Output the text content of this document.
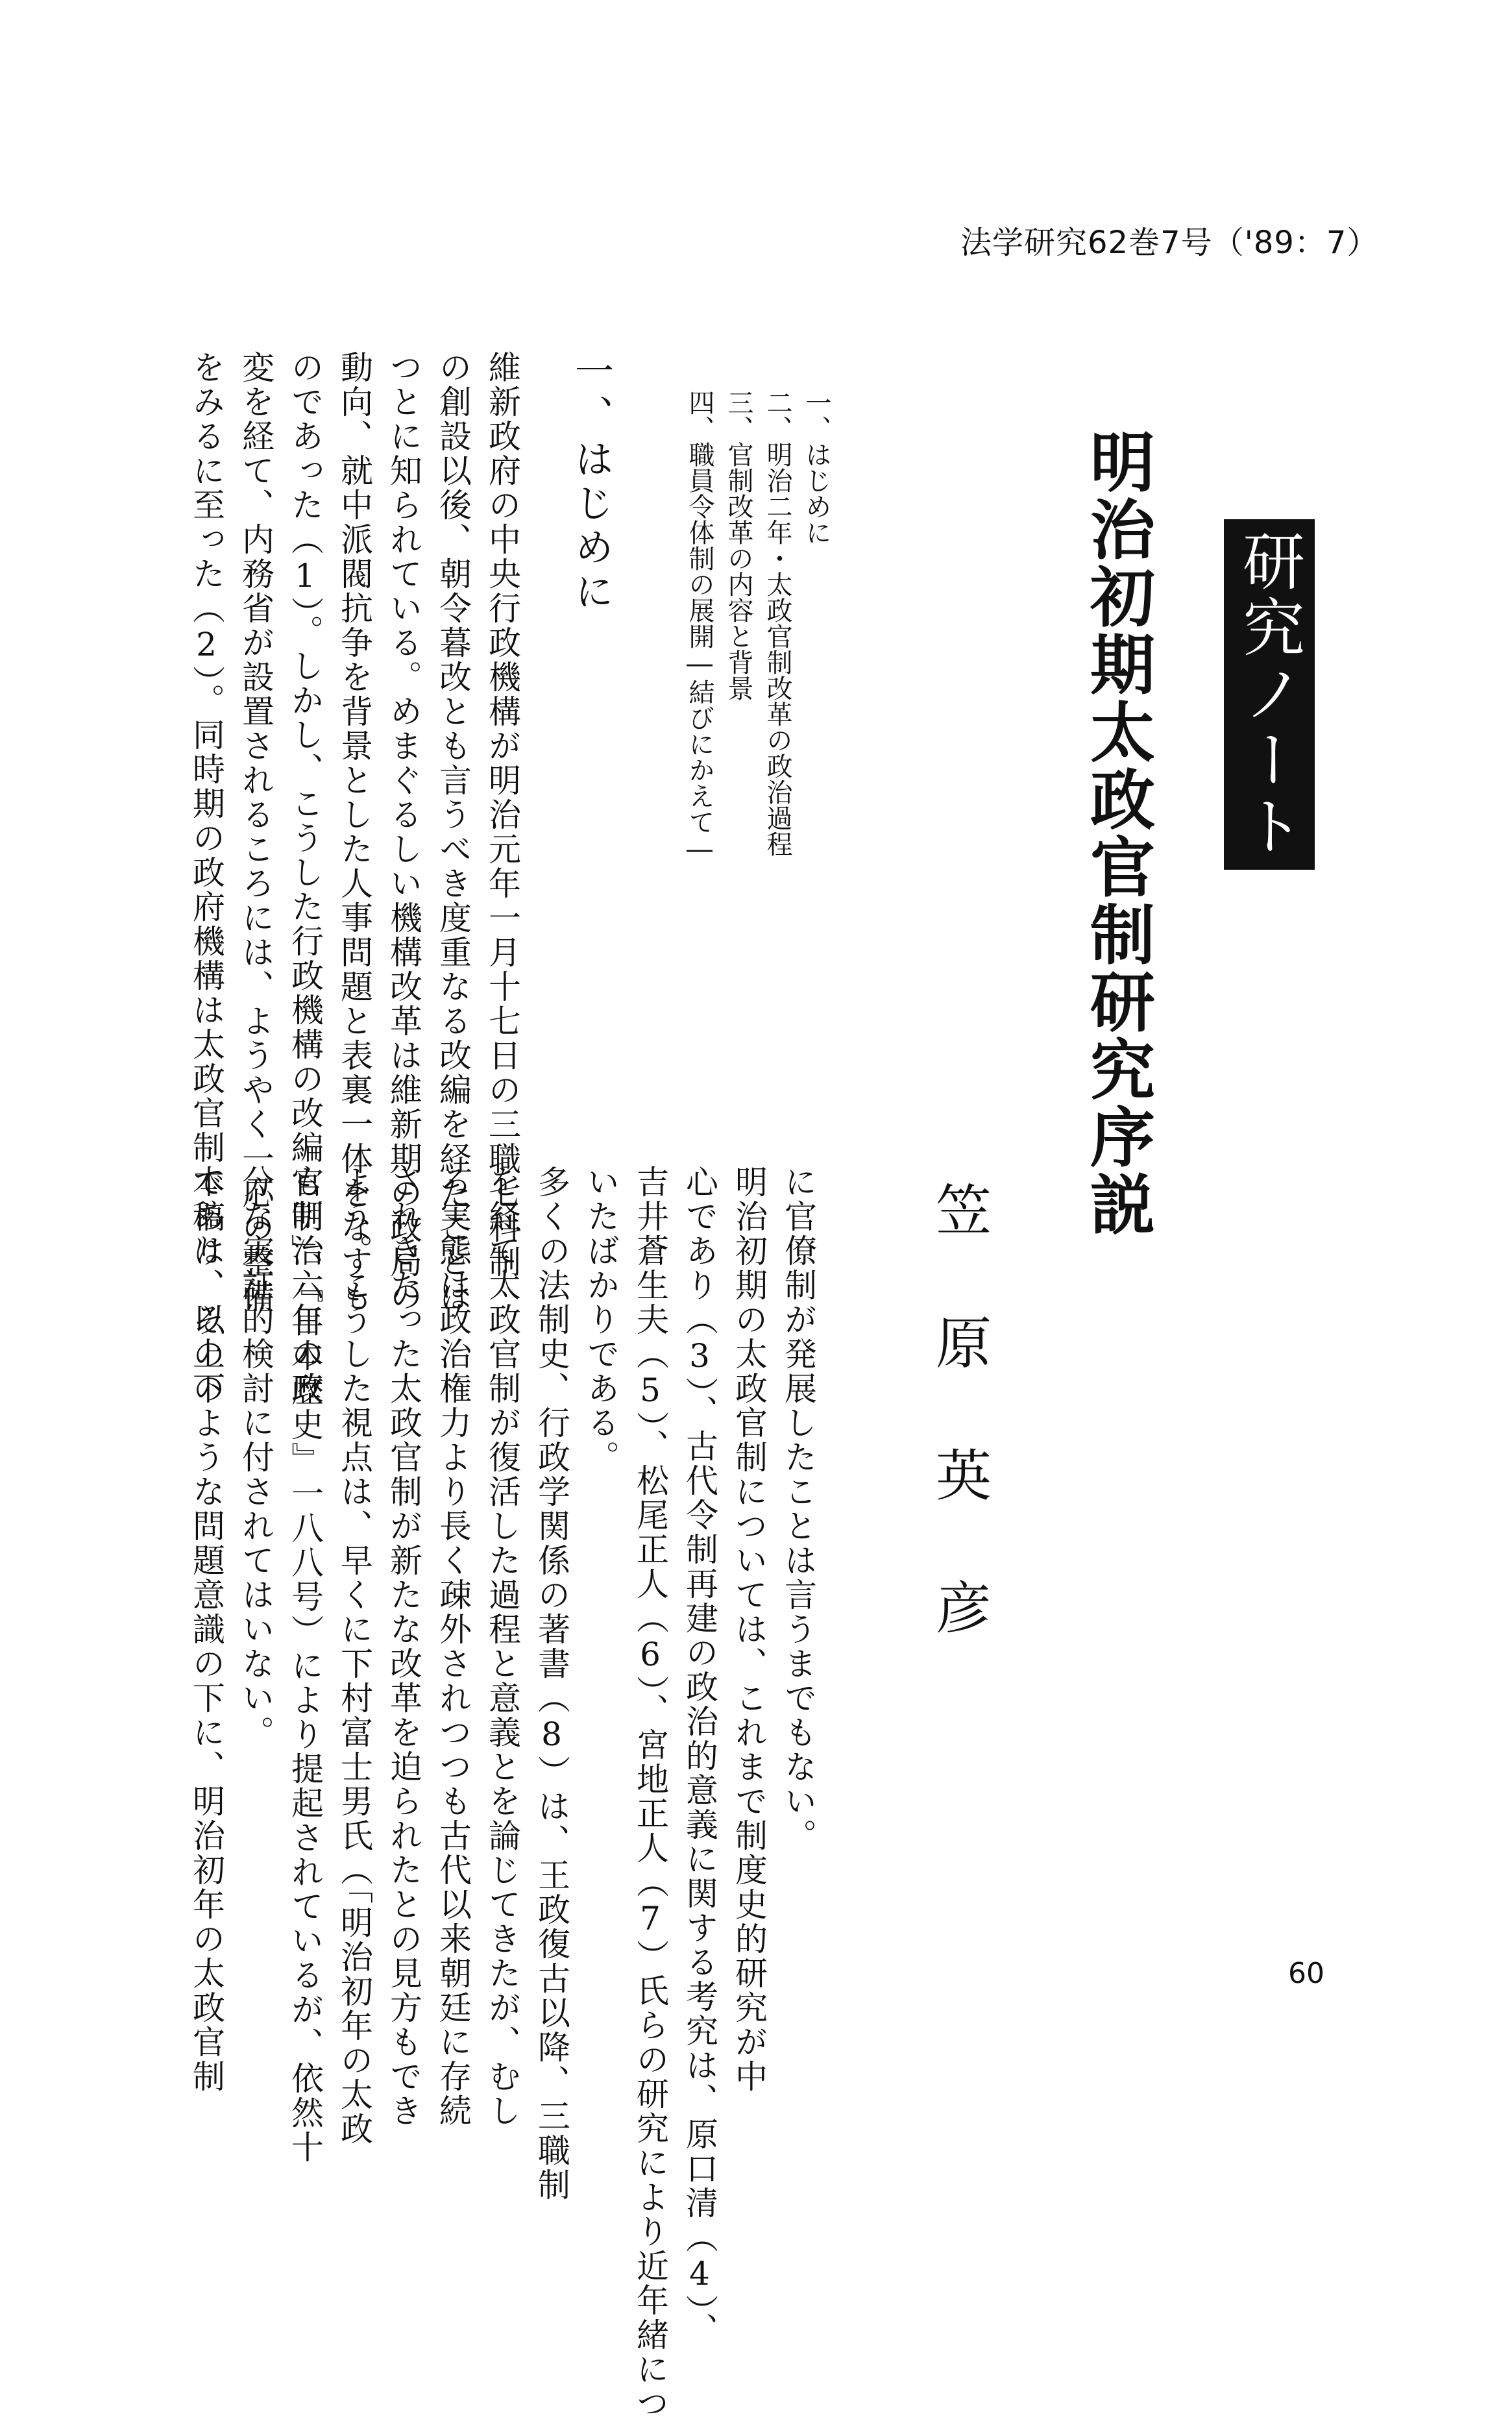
法学研究62巻7号（'89：7）
研究ノート
明治初期太政官制研究序説
笠原英彦
一、はじめに
二、明治二年・太政官制改革の政治過程
三、官制改革の内容と背景
四、職員令体制の展開―結びにかえて―
一、はじめに
維新政府の中央行政機構が明治元年一月十七日の三職七科制
の創設以後、朝令暮改とも言うべき度重なる改編を経たことは
つとに知られている。めまぐるしい機構改革は維新期の政局の
動向、就中派閥抗争を背景とした人事問題と表裏一体をなすも
のであった（1）。しかし、こうした行政機構の改編も明治六年の政
変を経て、内務省が設置されるころには、ようやく一応の整備
をみるに至った（2）。同時期の政府機構は太政官制であり、その下
に官僚制が発展したことは言うまでもない。
明治初期の太政官制については、これまで制度史的研究が中
心であり（3）、古代令制再建の政治的意義に関する考究は、原口清（4）、
吉井蒼生夫（5）、松尾正人（6）、宮地正人（7）氏らの研究により近年緒につ
いたばかりである。
多くの法制史、行政学関係の著書（8）は、王政復古以降、三職制
を経て太政官制が復活した過程と意義とを論じてきたが、むし
ろ実態は政治権力より長く疎外されつつも古代以来朝廷に存続
されきたった太政官制が新たな改革を迫られたとの見方もでき
よう。こうした視点は、早くに下村富士男氏（「明治初年の太政
官制」、『日本歴史』一八八号）により提起されているが、依然十
分な実証的検討に付されてはいない。
本稿は、以上のような問題意識の下に、明治初年の太政官制	60
